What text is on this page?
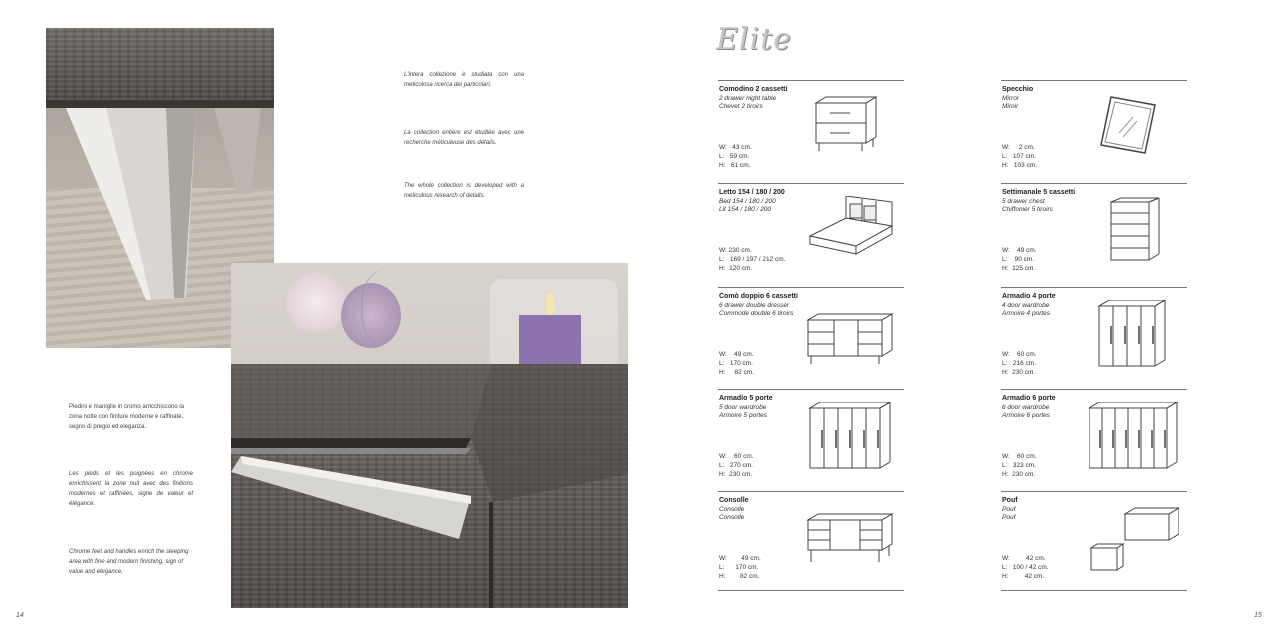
L'intera collezione è studiata con una meticolosa ricerca dei particolari.
La collection entière est étudiée avec une recherche méticuleuse des détails.
The whole collection is developed with a meticulous research of details.
Piedini e maniglie in cromo arricchiscono la zona notte con finiture moderne e raffinate, segno di pregio ed eleganza.
Les pieds et les poignées en chrome enrichissent la zone nuit avec des finitions modernes et raffinées, signe de valeur et élégance.
Chrome feet and handles enrich the sleeping area with fine and modern finishing, sign of value and elegance.
14
Elite
Comodino 2 cassetti
2 drawer night table
Chevet 2 tiroirs
W:   43 cm.
L:   59 cm.
H:   61 cm.
Specchio
Mirror
Miroir
W:     2 cm.
L:   107 cm.
H:   103 cm.
Letto 154 / 180 / 200
Bed 154 / 180 / 200
Lit 154 / 180 / 200
W: 230 cm.
L:   169 / 197 / 212 cm.
H:  120 cm.
Settimanale 5 cassetti
5 drawer chest
Chiffonier 5 tiroirs
W:    49 cm.
L:    90 cm.
H:  125 cm.
Comò doppio 6 cassetti
6 drawer double dresser
Commode double 6 tiroirs
W:    49 cm.
L:   170 cm.
H:     82 cm.
Armadio 4 porte
4 door wardrobe
Armoire 4 portes
W:    60 cm.
L:   216 cm.
H:  230 cm.
Armadio 5 porte
5 door wardrobe
Armoire 5 portes
W:    60 cm.
L:   270 cm.
H:  230 cm.
Armadio 6 porte
6 door wardrobe
Armoire 6 portes
W:    60 cm.
L:   323 cm.
H:  230 cm.
Consolle
Consolle
Consolle
W:        49 cm.
L:      170 cm.
H:        82 cm.
Pouf
Pouf
Pouf
W:         42 cm.
L:   100 / 42 cm.
H:         42 cm.
15
